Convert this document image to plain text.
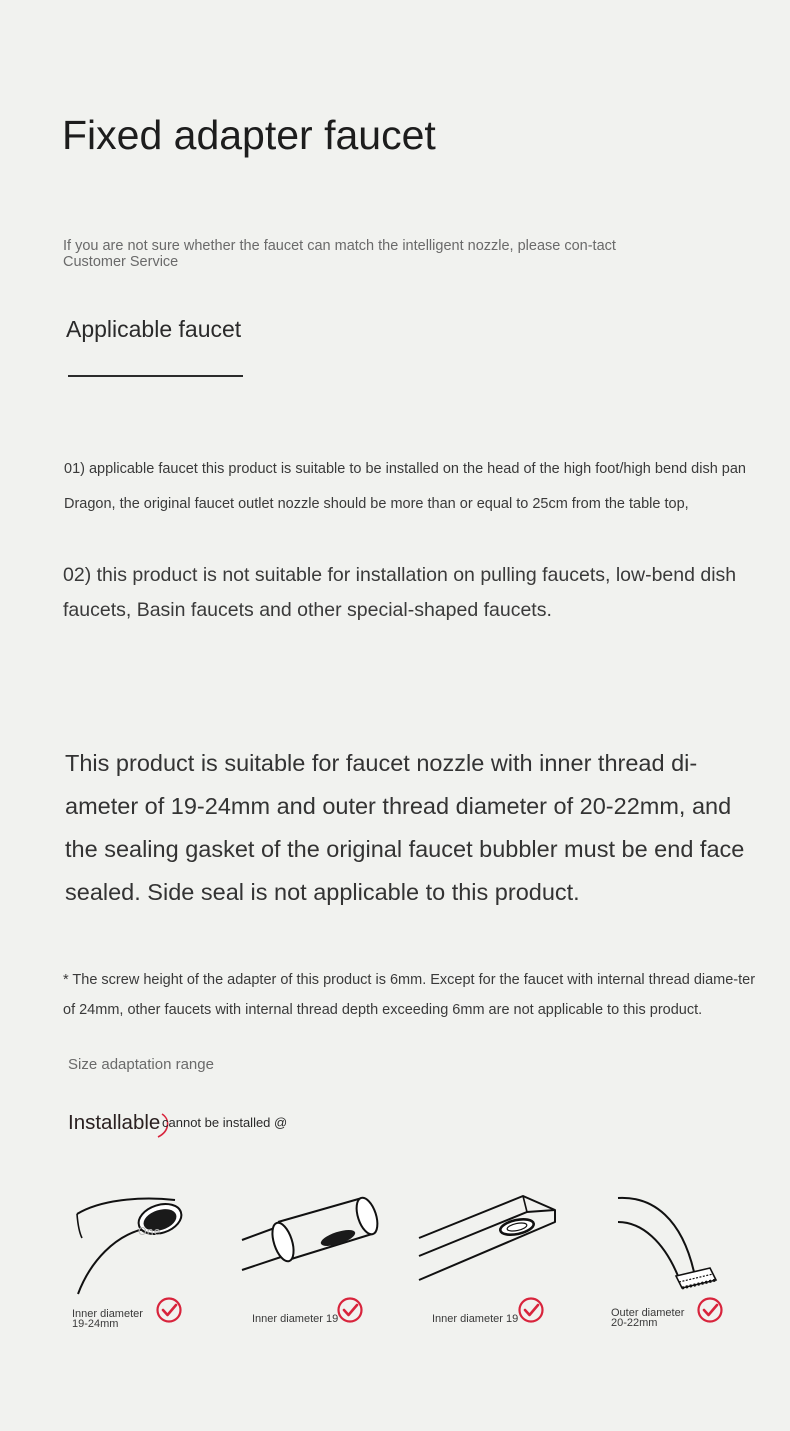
Fixed adapter faucet
If you are not sure whether the faucet can match the intelligent nozzle, please con-tact Customer Service
Applicable faucet
01) applicable faucet this product is suitable to be installed on the head of the high foot/high bend dish pan Dragon, the original faucet outlet nozzle should be more than or equal to 25cm from the table top,
02) this product is not suitable for installation on pulling faucets, low-bend dish faucets, Basin faucets and other special-shaped faucets.
This product is suitable for faucet nozzle with inner thread di-ameter of 19-24mm and outer thread diameter of 20-22mm, and the sealing gasket of the original faucet bubbler must be end face sealed. Side seal is not applicable to this product.
* The screw height of the adapter of this product is 6mm. Except for the faucet with internal thread diame-ter of 24mm, other faucets with internal thread depth exceeding 6mm are not applicable to this product.
Size adaptation range
Installable cannot be installed @
One
Inner diameter
19-24mm	Inner diameter 19	Inner diameter 19	Outer diameter
20-22mm
